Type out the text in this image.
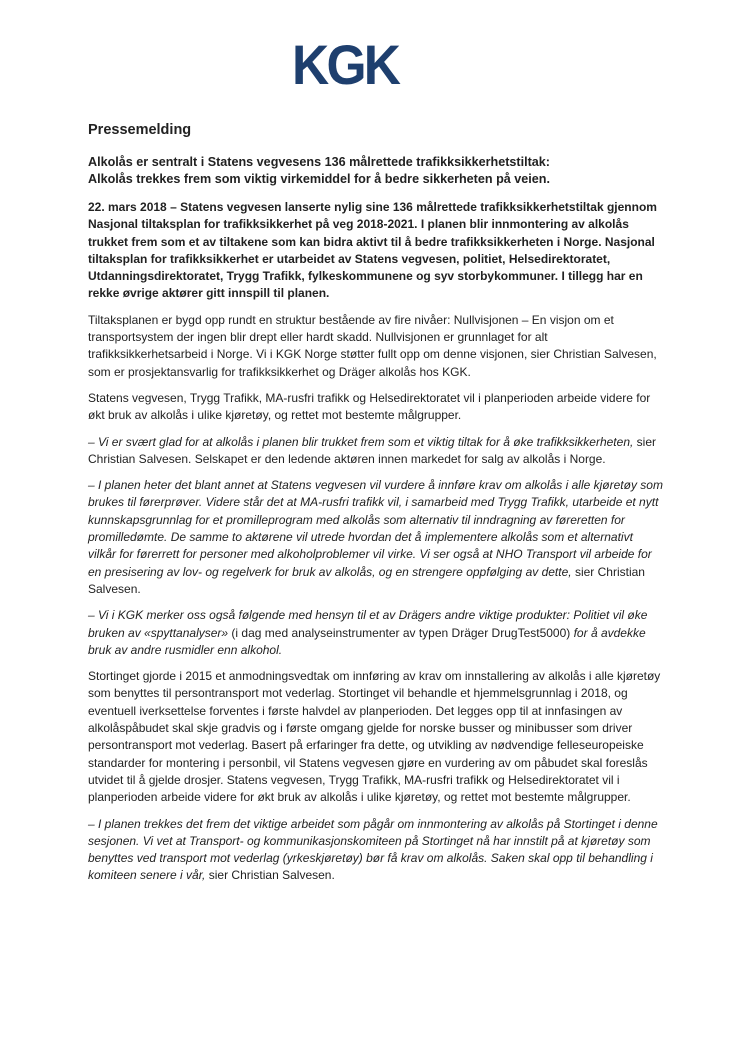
KGK
Pressemelding
Alkolås er sentralt i Statens vegvesens 136 målrettede trafikksikkerhetstiltak:
Alkolås trekkes frem som viktig virkemiddel for å bedre sikkerheten på veien.
22. mars 2018 – Statens vegvesen lanserte nylig sine 136 målrettede trafikksikkerhetstiltak gjennom Nasjonal tiltaksplan for trafikksikkerhet på veg 2018-2021. I planen blir innmontering av alkolås trukket frem som et av tiltakene som kan bidra aktivt til å bedre trafikksikkerheten i Norge. Nasjonal tiltaksplan for trafikksikkerhet er utarbeidet av Statens vegvesen, politiet, Helsedirektoratet, Utdanningsdirektoratet, Trygg Trafikk, fylkeskommunene og syv storbykommuner. I tillegg har en rekke øvrige aktører gitt innspill til planen.

Tiltaksplanen er bygd opp rundt en struktur bestående av fire nivåer: Nullvisjonen – En visjon om et transportsystem der ingen blir drept eller hardt skadd. Nullvisjonen er grunnlaget for alt trafikksikkerhetsarbeid i Norge. Vi i KGK Norge støtter fullt opp om denne visjonen, sier Christian Salvesen, som er prosjektansvarlig for trafikksikkerhet og Dräger alkolås hos KGK.

Statens vegvesen, Trygg Trafikk, MA-rusfri trafikk og Helsedirektoratet vil i planperioden arbeide videre for økt bruk av alkolås i ulike kjøretøy, og rettet mot bestemte målgrupper.

– Vi er svært glad for at alkolås i planen blir trukket frem som et viktig tiltak for å øke trafikksikkerheten, sier Christian Salvesen. Selskapet er den ledende aktøren innen markedet for salg av alkolås i Norge.

– I planen heter det blant annet at Statens vegvesen vil vurdere å innføre krav om alkolås i alle kjøretøy som brukes til førerprøver. Videre står det at MA-rusfri trafikk vil, i samarbeid med Trygg Trafikk, utarbeide et nytt kunnskapsgrunnlag for et promilleprogram med alkolås som alternativ til inndragning av føreretten for promilledømte. De samme to aktørene vil utrede hvordan det å implementere alkolås som et alternativt vilkår for førerrett for personer med alkoholproblemer vil virke. Vi ser også at NHO Transport vil arbeide for en presisering av lov- og regelverk for bruk av alkolås, og en strengere oppfølging av dette, sier Christian Salvesen.

– Vi i KGK merker oss også følgende med hensyn til et av Drägers andre viktige produkter: Politiet vil øke bruken av «spyttanalyser» (i dag med analyseinstrumenter av typen Dräger DrugTest5000) for å avdekke bruk av andre rusmidler enn alkohol.

Stortinget gjorde i 2015 et anmodningsvedtak om innføring av krav om innstallering av alkolås i alle kjøretøy som benyttes til persontransport mot vederlag. Stortinget vil behandle et hjemmelsgrunnlag i 2018, og eventuell iverksettelse forventes i første halvdel av planperioden. Det legges opp til at innfasingen av alkolåspåbudet skal skje gradvis og i første omgang gjelde for norske busser og minibusser som driver persontransport mot vederlag. Basert på erfaringer fra dette, og utvikling av nødvendige felleseuropeiske standarder for montering i personbil, vil Statens vegvesen gjøre en vurdering av om påbudet skal foreslås utvidet til å gjelde drosjer. Statens vegvesen, Trygg Trafikk, MA-rusfri trafikk og Helsedirektoratet vil i planperioden arbeide videre for økt bruk av alkolås i ulike kjøretøy, og rettet mot bestemte målgrupper.

– I planen trekkes det frem det viktige arbeidet som pågår om innmontering av alkolås på Stortinget i denne sesjonen. Vi vet at Transport- og kommunikasjonskomiteen på Stortinget nå har innstilt på at kjøretøy som benyttes ved transport mot vederlag (yrkeskjøretøy) bør få krav om alkolås. Saken skal opp til behandling i komiteen senere i vår, sier Christian Salvesen.
